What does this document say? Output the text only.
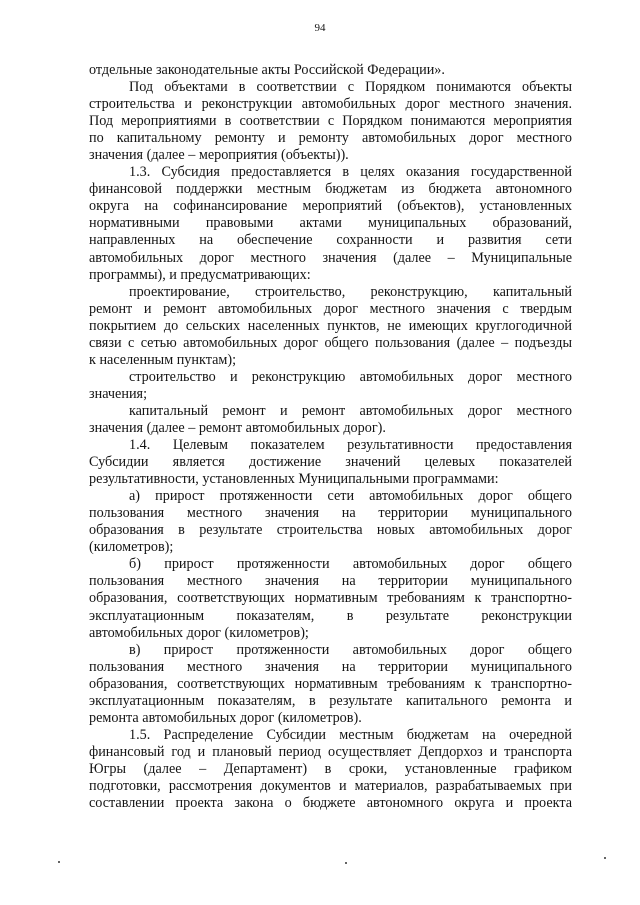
94
отдельные законодательные акты Российской Федерации».
Под объектами в соответствии с Порядком понимаются объекты
строительства и реконструкции автомобильных дорог местного значения.
Под мероприятиями в соответствии с Порядком понимаются мероприятия
по капитальному ремонту и ремонту автомобильных дорог местного
значения (далее – мероприятия (объекты)).
1.3. Субсидия предоставляется в целях оказания государственной
финансовой поддержки местным бюджетам из бюджета автономного
округа на софинансирование мероприятий (объектов), установленных
нормативными правовыми актами муниципальных образований,
направленных на обеспечение сохранности и развития сети
автомобильных дорог местного значения (далее – Муниципальные
программы), и предусматривающих:
проектирование, строительство, реконструкцию, капитальный
ремонт и ремонт автомобильных дорог местного значения с твердым
покрытием до сельских населенных пунктов, не имеющих круглогодичной
связи с сетью автомобильных дорог общего пользования (далее – подъезды
к населенным пунктам);
строительство и реконструкцию автомобильных дорог местного
значения;
капитальный ремонт и ремонт автомобильных дорог местного
значения (далее – ремонт автомобильных дорог).
1.4. Целевым показателем результативности предоставления
Субсидии является достижение значений целевых показателей
результативности, установленных Муниципальными программами:
а) прирост протяженности сети автомобильных дорог общего
пользования местного значения на территории муниципального
образования в результате строительства новых автомобильных дорог
(километров);
б) прирост протяженности автомобильных дорог общего
пользования местного значения на территории муниципального
образования, соответствующих нормативным требованиям к транспортно-
эксплуатационным показателям, в результате реконструкции
автомобильных дорог (километров);
в) прирост протяженности автомобильных дорог общего
пользования местного значения на территории муниципального
образования, соответствующих нормативным требованиям к транспортно-
эксплуатационным показателям, в результате капитального ремонта и
ремонта автомобильных дорог (километров).
1.5. Распределение Субсидии местным бюджетам на очередной
финансовый год и плановый период осуществляет Депдорхоз и транспорта
Югры (далее – Департамент) в сроки, установленные графиком
подготовки, рассмотрения документов и материалов, разрабатываемых при
составлении проекта закона о бюджете автономного округа и проекта
